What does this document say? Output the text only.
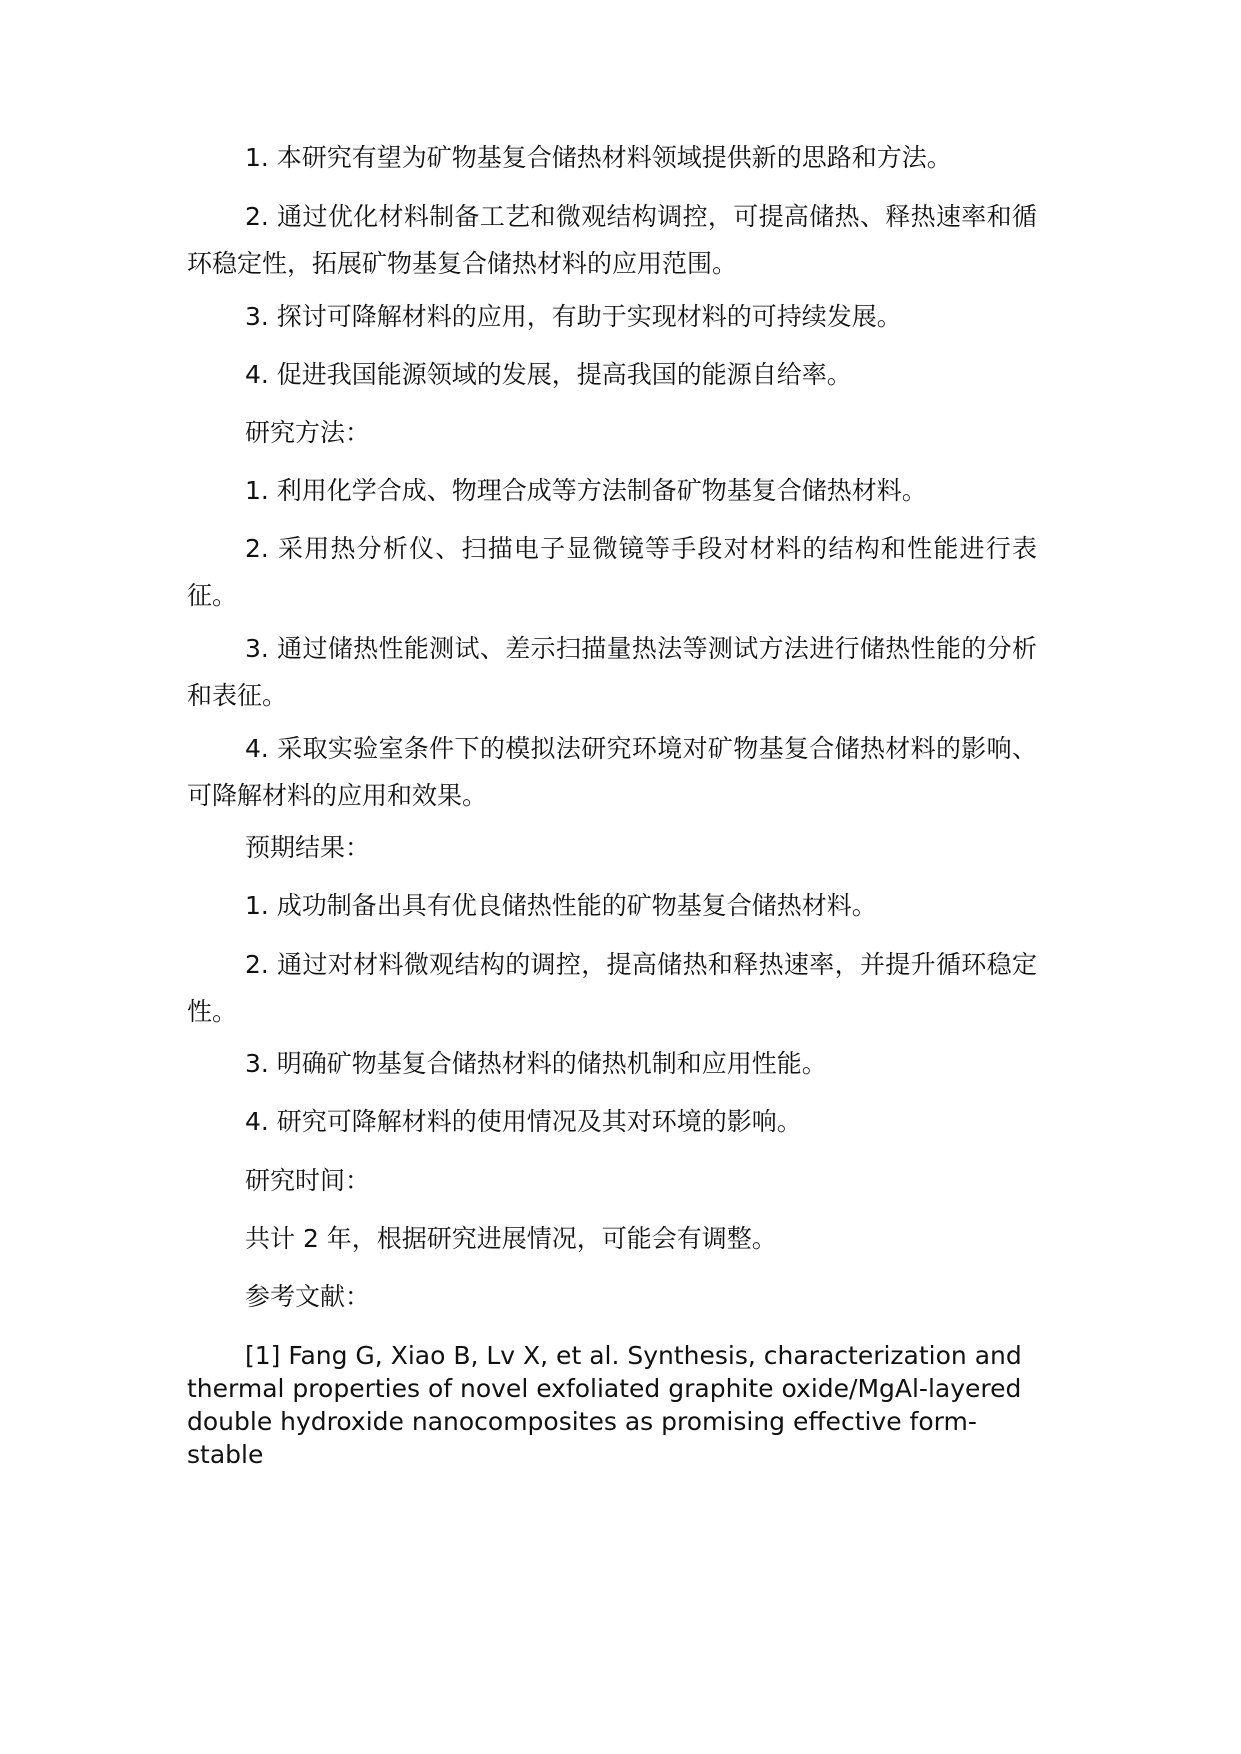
1. 本研究有望为矿物基复合储热材料领域提供新的思路和方法。

2. 通过优化材料制备工艺和微观结构调控，可提高储热、释热速率和循环稳定性，拓展矿物基复合储热材料的应用范围。

3. 探讨可降解材料的应用，有助于实现材料的可持续发展。

4. 促进我国能源领域的发展，提高我国的能源自给率。

研究方法：

1. 利用化学合成、物理合成等方法制备矿物基复合储热材料。

2. 采用热分析仪、扫描电子显微镜等手段对材料的结构和性能进行表征。

3. 通过储热性能测试、差示扫描量热法等测试方法进行储热性能的分析和表征。

4. 采取实验室条件下的模拟法研究环境对矿物基复合储热材料的影响、可降解材料的应用和效果。

预期结果：

1. 成功制备出具有优良储热性能的矿物基复合储热材料。

2. 通过对材料微观结构的调控，提高储热和释热速率，并提升循环稳定性。

3. 明确矿物基复合储热材料的储热机制和应用性能。

4. 研究可降解材料的使用情况及其对环境的影响。

研究时间：

共计 2 年，根据研究进展情况，可能会有调整。

参考文献：

[1] Fang G, Xiao B, Lv X, et al. Synthesis, characterization and thermal properties of novel exfoliated graphite oxide/MgAl-layered double hydroxide nanocomposites as promising effective form-stable
